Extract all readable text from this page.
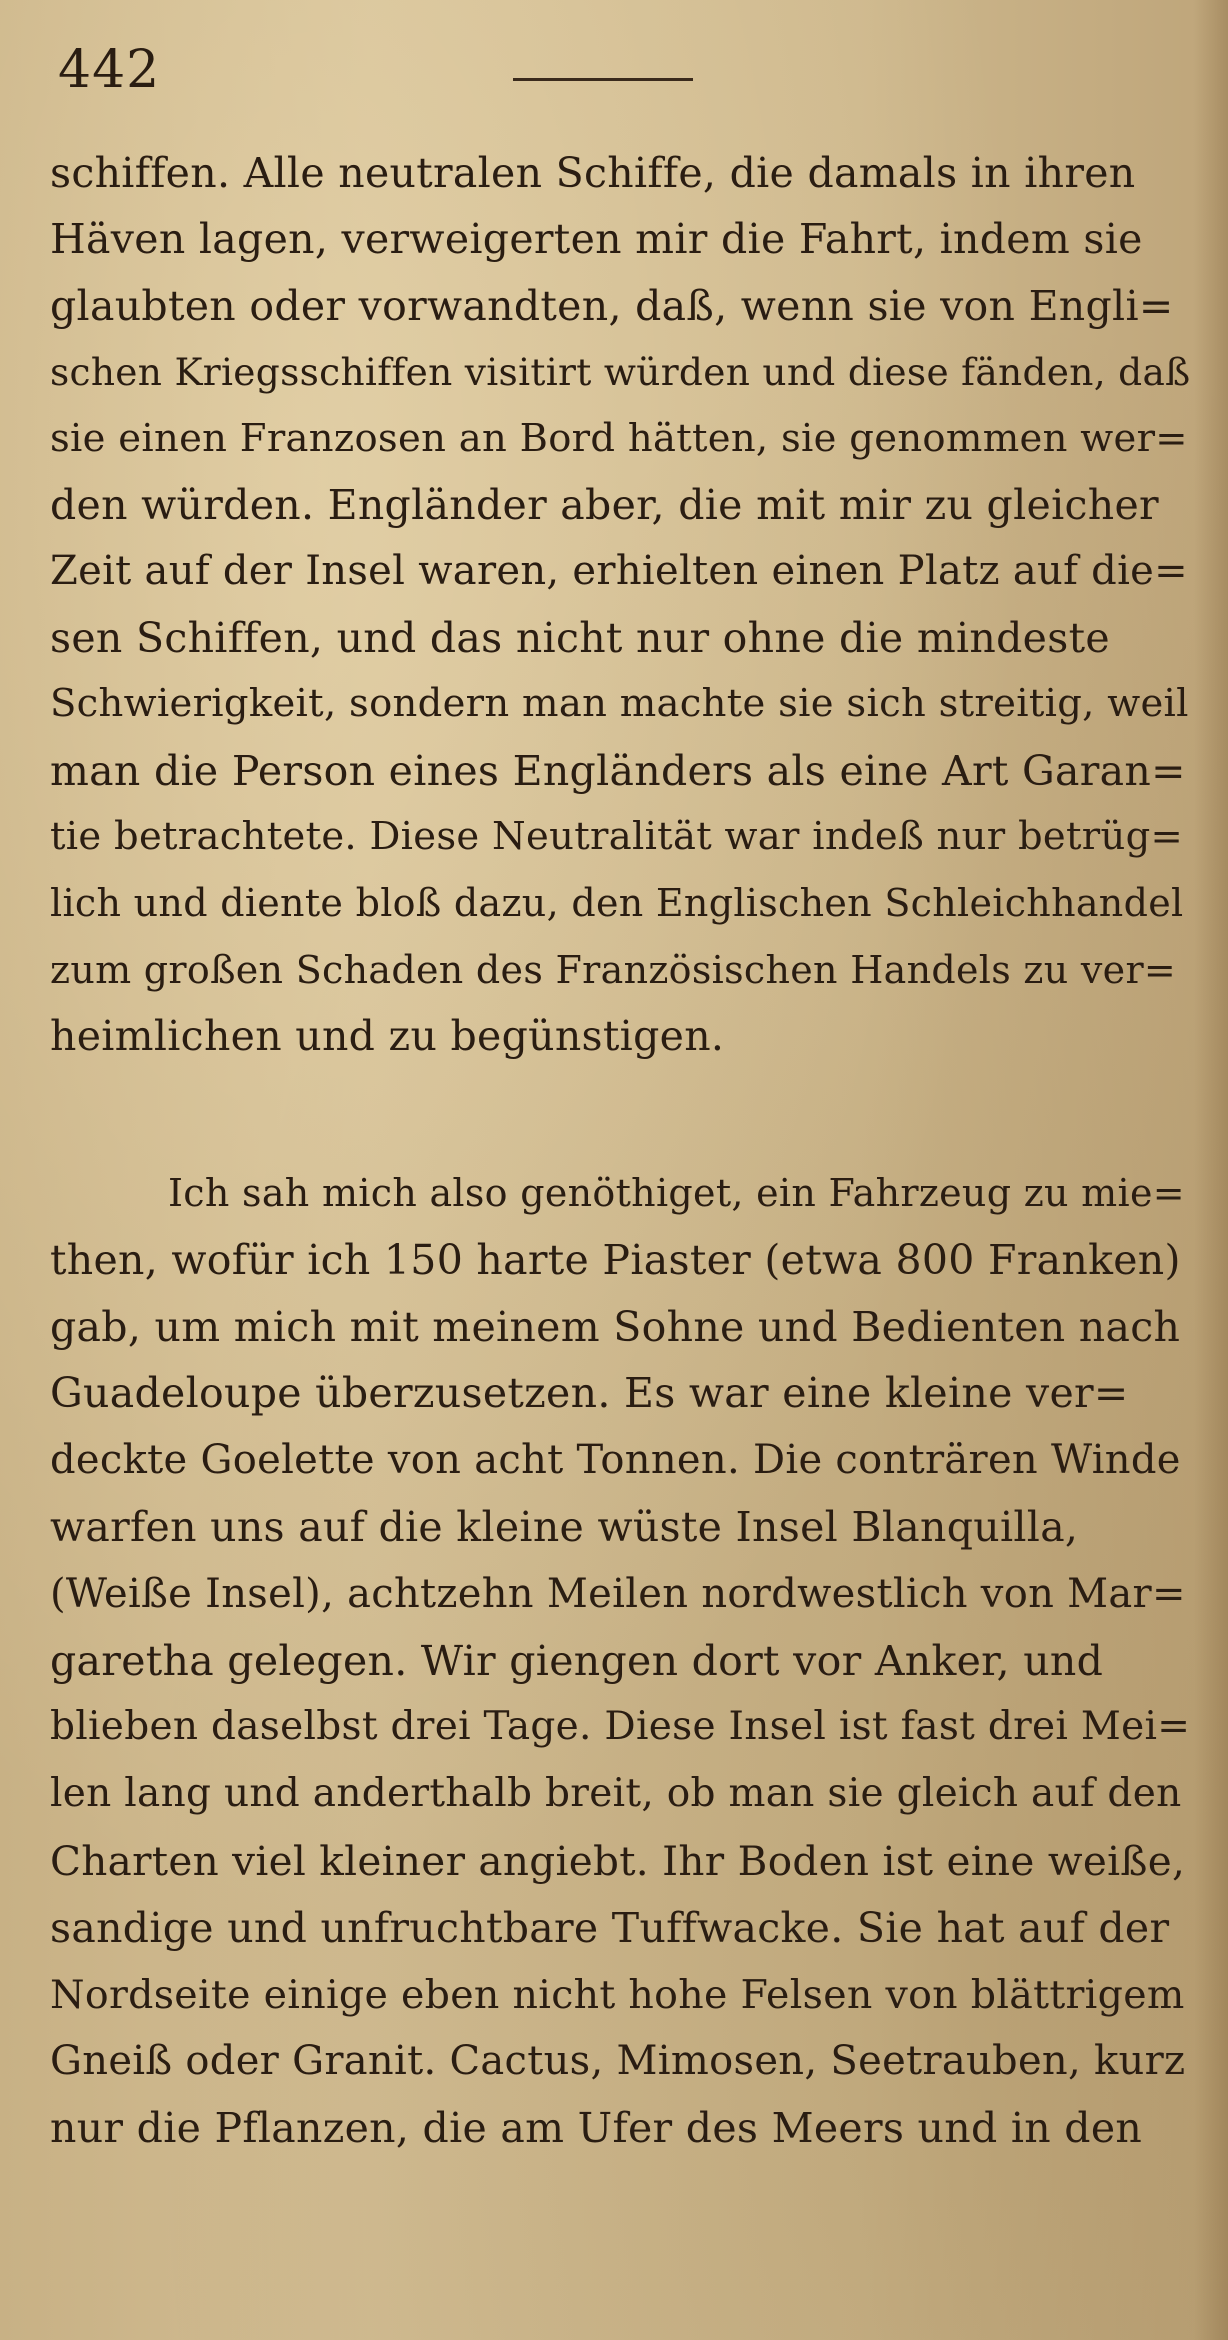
442
schiffen. Alle neutralen Schiffe, die damals in ihren
Häven lagen, verweigerten mir die Fahrt, indem sie
glaubten oder vorwandten, daß, wenn sie von Engli=
schen Kriegsschiffen visitirt würden und diese fänden, daß
sie einen Franzosen an Bord hätten, sie genommen wer=
den würden. Engländer aber, die mit mir zu gleicher
Zeit auf der Insel waren, erhielten einen Platz auf die=
sen Schiffen, und das nicht nur ohne die mindeste
Schwierigkeit, sondern man machte sie sich streitig, weil
man die Person eines Engländers als eine Art Garan=
tie betrachtete. Diese Neutralität war indeß nur betrüg=
lich und diente bloß dazu, den Englischen Schleichhandel
zum großen Schaden des Französischen Handels zu ver=
heimlichen und zu begünstigen.
Ich sah mich also genöthiget, ein Fahrzeug zu mie=
then, wofür ich 150 harte Piaster (etwa 800 Franken)
gab, um mich mit meinem Sohne und Bedienten nach
Guadeloupe überzusetzen. Es war eine kleine ver=
deckte Goelette von acht Tonnen. Die conträren Winde
warfen uns auf die kleine wüste Insel Blanquilla,
(Weiße Insel), achtzehn Meilen nordwestlich von Mar=
garetha gelegen. Wir giengen dort vor Anker, und
blieben daselbst drei Tage. Diese Insel ist fast drei Mei=
len lang und anderthalb breit, ob man sie gleich auf den
Charten viel kleiner angiebt. Ihr Boden ist eine weiße,
sandige und unfruchtbare Tuffwacke. Sie hat auf der
Nordseite einige eben nicht hohe Felsen von blättrigem
Gneiß oder Granit. Cactus, Mimosen, Seetrauben, kurz
nur die Pflanzen, die am Ufer des Meers und in den
